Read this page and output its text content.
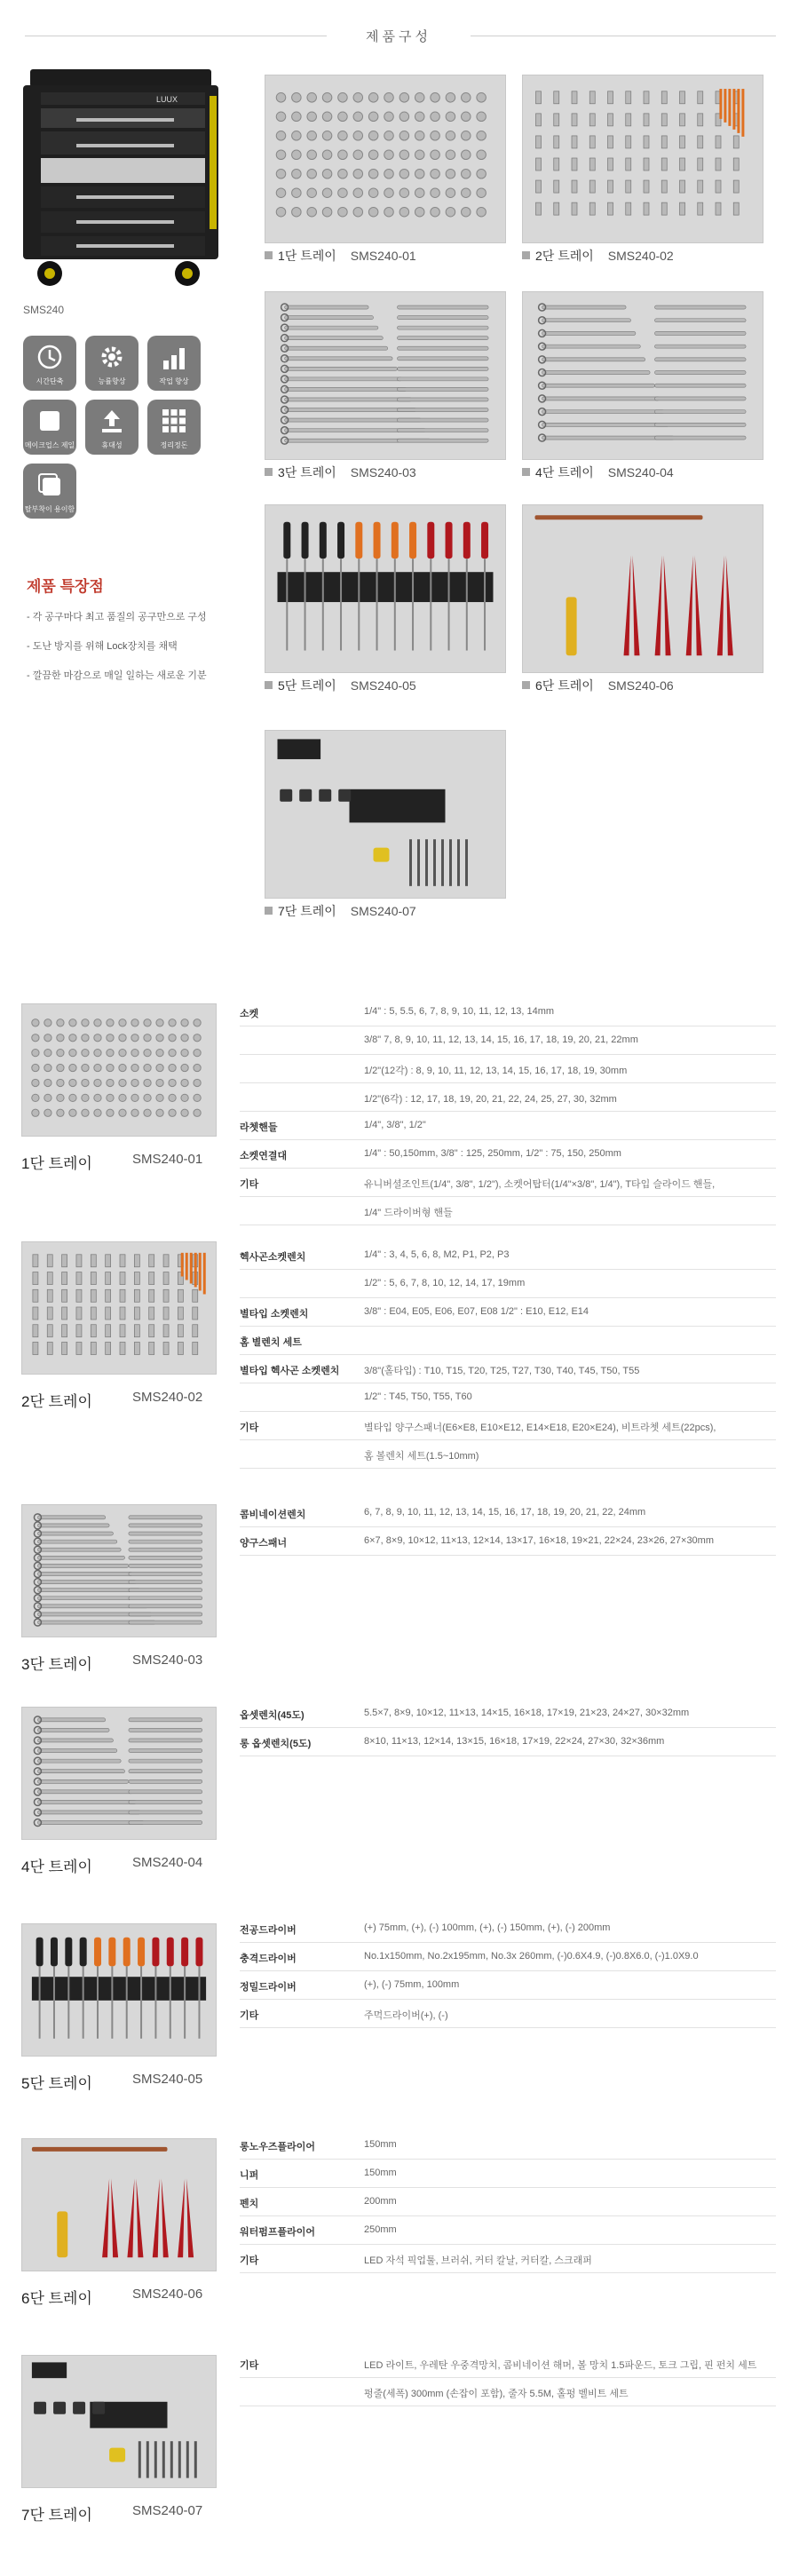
제품구성
LUUX
SMS240
시간단축	능률향상	작업 향상
메이크업스 제일	휴대성	정리정돈
탈부착이 용이함
제품 특장점
- 각 공구마다 최고 품질의 공구만으로 구성
- 도난 방지를 위해 Lock장치를 채택
- 깔끔한 마감으로 매일 일하는 새로운 기분
1단 트레이 SMS240-01	2단 트레이 SMS240-02
3단 트레이 SMS240-03	4단 트레이 SMS240-04
5단 트레이 SMS240-05	6단 트레이 SMS240-06
7단 트레이 SMS240-07
1단 트레이	SMS240-01
소켓	1/4" : 5, 5.5, 6, 7, 8, 9, 10, 11, 12, 13, 14mm
3/8" 7, 8, 9, 10, 11, 12, 13, 14, 15, 16, 17, 18, 19, 20, 21, 22mm
1/2"(12각) : 8, 9, 10, 11, 12, 13, 14, 15, 16, 17, 18, 19, 30mm
1/2"(6각) : 12, 17, 18, 19, 20, 21, 22, 24, 25, 27, 30, 32mm
라쳇핸들	1/4", 3/8", 1/2"
소켓연결대	1/4" : 50,150mm, 3/8" : 125, 250mm, 1/2" : 75, 150, 250mm
기타	유니버셜조인트(1/4", 3/8", 1/2"), 소켓어탑터(1/4"×3/8", 1/4"), T타입 슬라이드 핸들,
1/4" 드라이버형 핸들
2단 트레이	SMS240-02
헥사곤소켓렌치	1/4" : 3, 4, 5, 6, 8, M2, P1, P2, P3
1/2" : 5, 6, 7, 8, 10, 12, 14, 17, 19mm
별타입 소켓렌치	3/8" : E04, E05, E06, E07, E08 1/2" : E10, E12, E14
홈 별렌치 세트
별타입 헥사곤 소켓렌치	3/8"(홀타입) : T10, T15, T20, T25, T27, T30, T40, T45, T50, T55
1/2" : T45, T50, T55, T60
기타	별타입 양구스패너(E6×E8, E10×E12, E14×E18, E20×E24), 비트라쳇 세트(22pcs),
홈 볼렌치 세트(1.5~10mm)
3단 트레이	SMS240-03
콤비네이션렌치	6, 7, 8, 9, 10, 11, 12, 13, 14, 15, 16, 17, 18, 19, 20, 21, 22, 24mm
양구스패너	6×7, 8×9, 10×12, 11×13, 12×14, 13×17, 16×18, 19×21, 22×24, 23×26, 27×30mm
4단 트레이	SMS240-04
옵셋렌치(45도)	5.5×7, 8×9, 10×12, 11×13, 14×15, 16×18, 17×19, 21×23, 24×27, 30×32mm
롱 옵셋렌치(5도)	8×10, 11×13, 12×14, 13×15, 16×18, 17×19, 22×24, 27×30, 32×36mm
5단 트레이	SMS240-05
전공드라이버	(+) 75mm, (+), (-) 100mm, (+), (-) 150mm, (+), (-) 200mm
충격드라이버	No.1x150mm, No.2x195mm, No.3x 260mm, (-)0.6X4.9, (-)0.8X6.0, (-)1.0X9.0
정밀드라이버	(+), (-) 75mm, 100mm
기타	주먹드라이버(+), (-)
6단 트레이	SMS240-06
롱노우즈플라이어	150mm
니퍼	150mm
펜치	200mm
워터펌프플라이어	250mm
기타	LED 자석 픽업툴, 브러쉬, 커터 칼날, 커터칼, 스크래퍼
7단 트레이	SMS240-07
기타	LED 라이트, 우레탄 우중격망치, 콤비네이션 해머, 볼 망치 1.5파운드, 토크 그립, 핀 펀치 세트
펑줄(세폭) 300mm (손잡이 포함), 줄자 5.5M, 홀펑 벨비트 세트
